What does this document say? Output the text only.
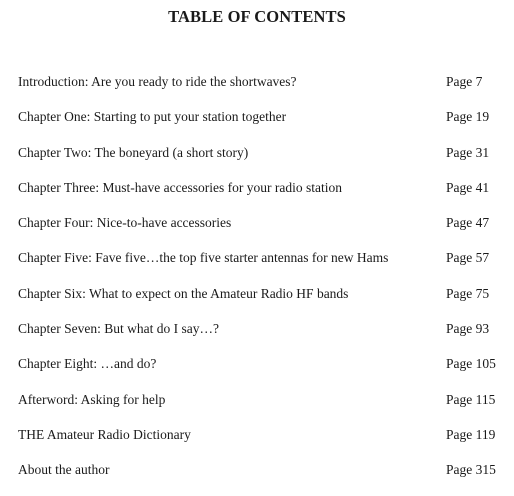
TABLE OF CONTENTS
Introduction: Are you ready to ride the shortwaves?	Page 7
Chapter One: Starting to put your station together	Page 19
Chapter Two: The boneyard (a short story)	Page 31
Chapter Three: Must-have accessories for your radio station	Page 41
Chapter Four: Nice-to-have accessories	Page 47
Chapter Five: Fave five…the top five starter antennas for new Hams	Page 57
Chapter Six: What to expect on the Amateur Radio HF bands	Page 75
Chapter Seven: But what do I say…?	Page 93
Chapter Eight: …and do?	Page 105
Afterword: Asking for help	Page 115
THE Amateur Radio Dictionary	Page 119
About the author	Page 315
